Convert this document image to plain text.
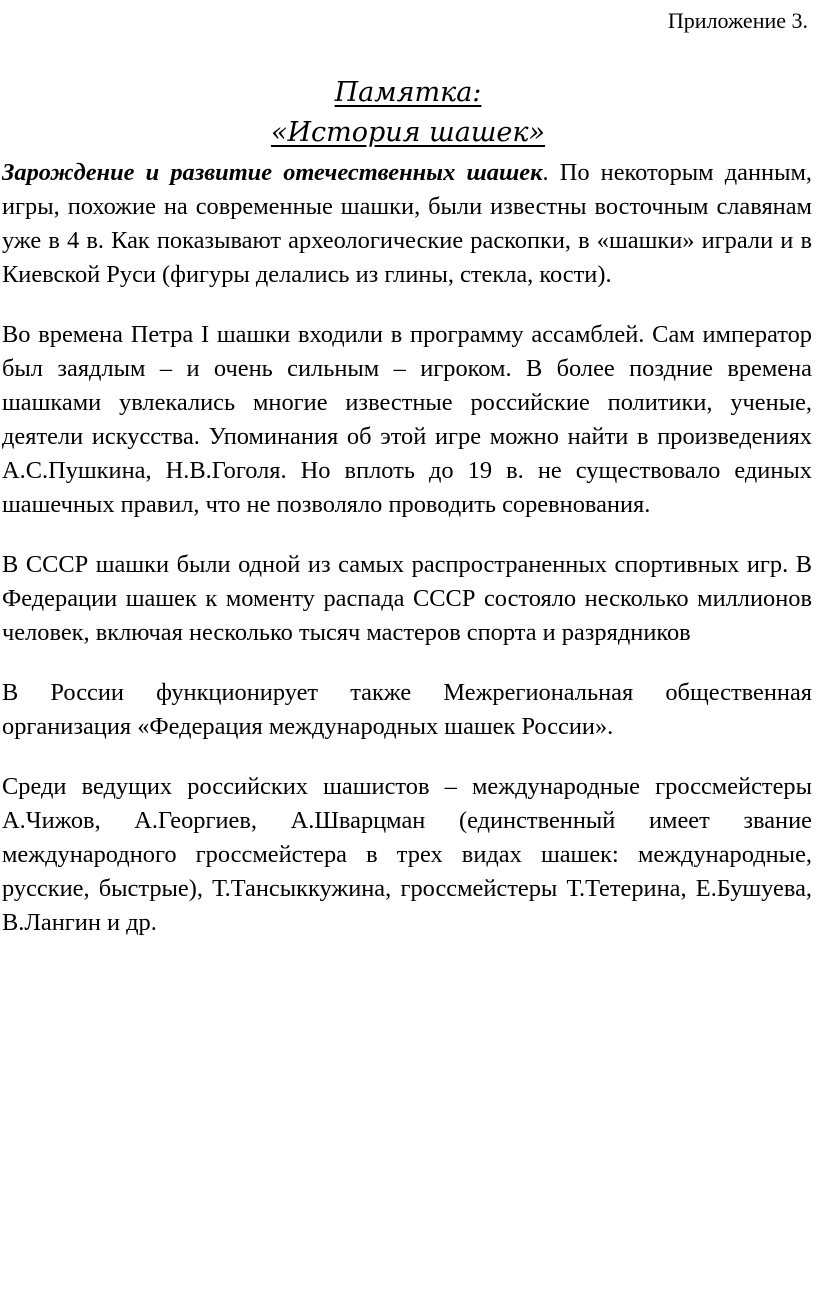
Приложение 3.
Памятка:
«История шашек»

Зарождение и развитие отечественных шашек. По некоторым данным, игры, похожие на современные шашки, были известны восточным славянам уже в 4 в. Как показывают археологические раскопки, в «шашки» играли и в Киевской Руси (фигуры делались из глины, стекла, кости).

Во времена Петра I шашки входили в программу ассамблей. Сам император был заядлым – и очень сильным – игроком. В более поздние времена шашками увлекались многие известные российские политики, ученые, деятели искусства. Упоминания об этой игре можно найти в произведениях А.С.Пушкина, Н.В.Гоголя. Но вплоть до 19 в. не существовало единых шашечных правил, что не позволяло проводить соревнования.

В СССР шашки были одной из самых распространенных спортивных игр. В Федерации шашек к моменту распада СССР состояло несколько миллионов человек, включая несколько тысяч мастеров спорта и разрядников

В России функционирует также Межрегиональная общественная организация «Федерация международных шашек России».

Среди ведущих российских шашистов – международные гроссмейстеры А.Чижов, А.Георгиев, А.Шварцман (единственный имеет звание международного гроссмейстера в трех видах шашек: международные, русские, быстрые), Т.Тансыккужина, гроссмейстеры Т.Тетерина, Е.Бушуева, В.Лангин и др.
